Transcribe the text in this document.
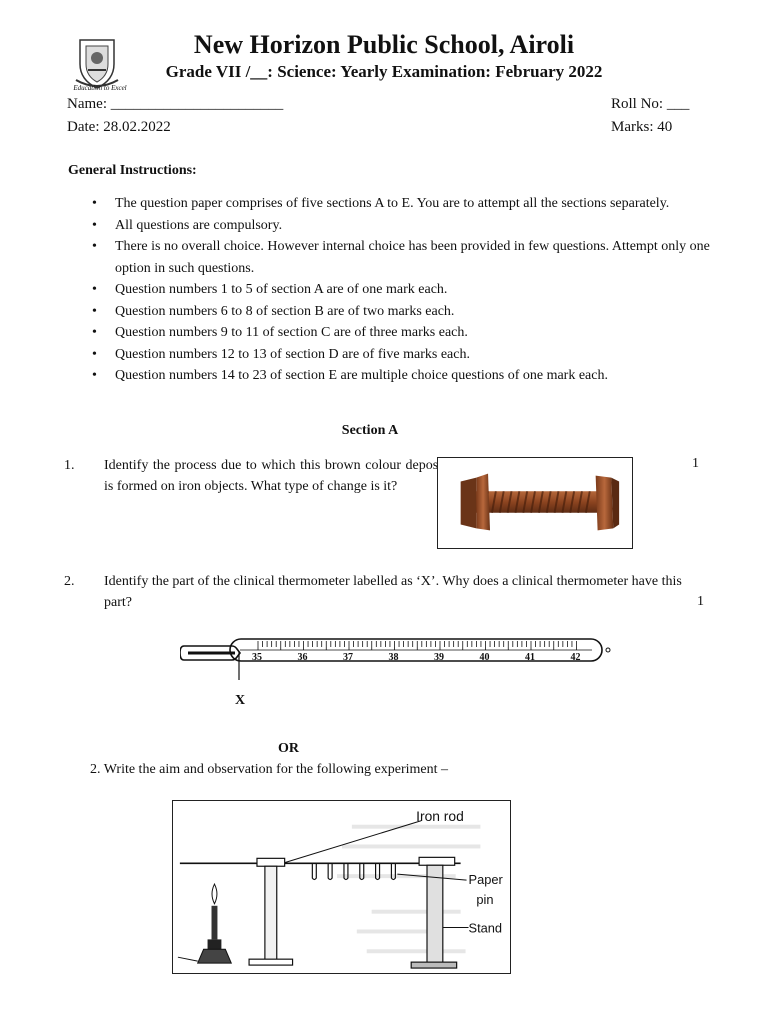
Education to Excel
New Horizon Public School, Airoli
Grade VII /__: Science: Yearly Examination: February 2022
Name: _______________________	Roll No: ___
Date: 28.02.2022	Marks: 40
General Instructions:
• The question paper comprises of five sections A to E. You are to attempt all the sections separately.
• All questions are compulsory.
• There is no overall choice. However internal choice has been provided in few questions. Attempt only one option in such questions.
• Question numbers 1 to 5 of section A are of one mark each.
• Question numbers 6 to 8 of section B are of two marks each.
• Question numbers 9 to 11 of section C are of three marks each.
• Question numbers 12 to 13 of section D are of five marks each.
• Question numbers 14 to 23 of section E are multiple choice questions of one mark each.
Section A
1. Identify the process due to which this brown colour deposit is formed on iron objects. What type of change is it?
1
2. Identify the part of the clinical thermometer labelled as ‘X’. Why does a clinical thermometer have this part?	1
35	36	37	38	39	40	41	42
X
OR
2. Write the aim and observation for the following experiment –
Iron rod
Paper
pin
Stand
